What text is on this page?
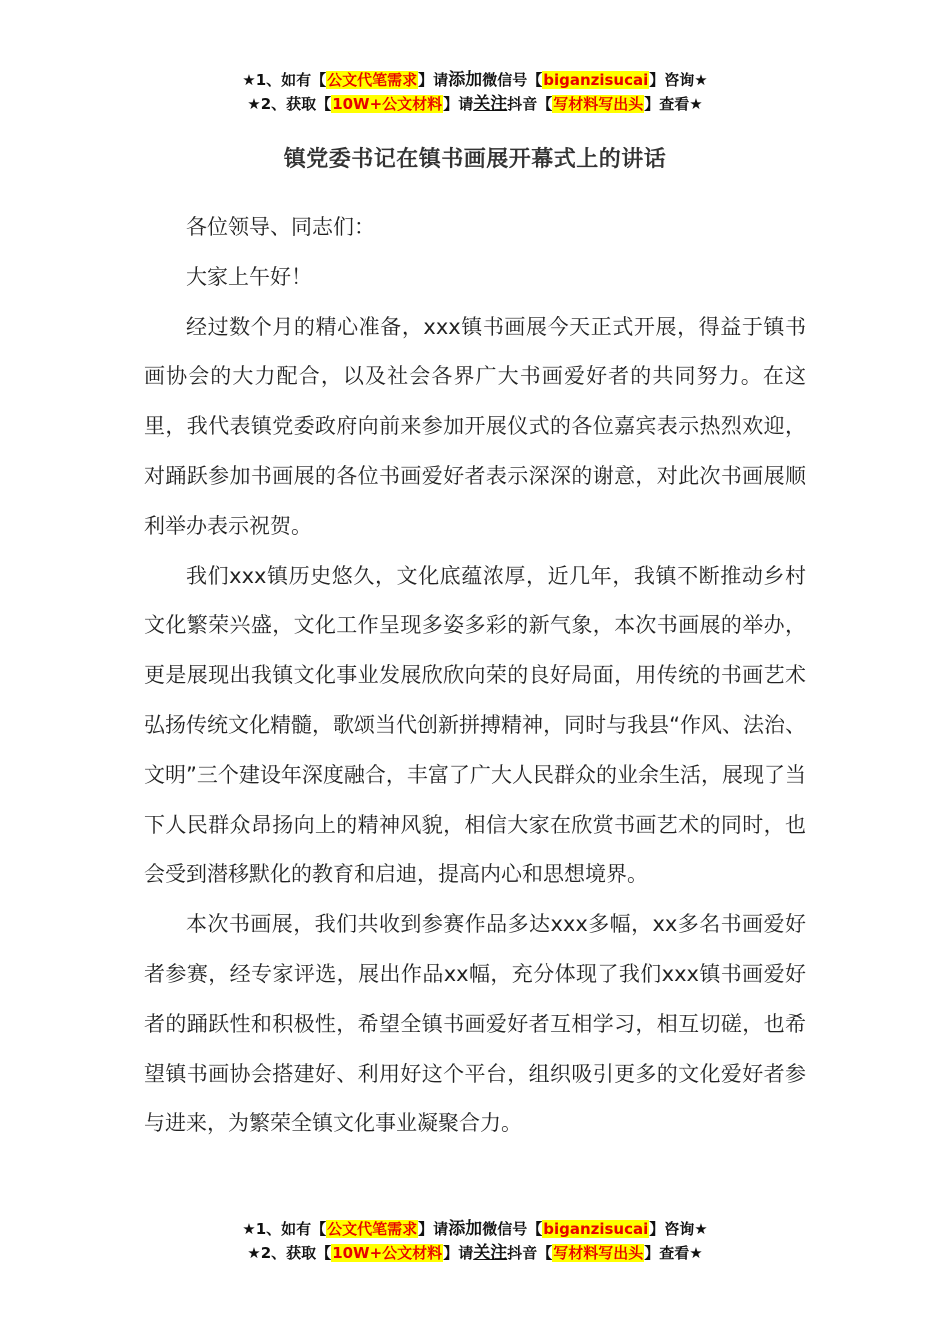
★1、如有【公文代笔需求】请添加微信号【biganzisucai】咨询★
★2、获取【10W+公文材料】请关注抖音【写材料写出头】查看★
镇党委书记在镇书画展开幕式上的讲话

各位领导、同志们：

大家上午好！

经过数个月的精心准备，xxx镇书画展今天正式开展，得益于镇书画协会的大力配合，以及社会各界广大书画爱好者的共同努力。在这里，我代表镇党委政府向前来参加开展仪式的各位嘉宾表示热烈欢迎，对踊跃参加书画展的各位书画爱好者表示深深的谢意，对此次书画展顺利举办表示祝贺。

我们xxx镇历史悠久，文化底蕴浓厚，近几年，我镇不断推动乡村文化繁荣兴盛，文化工作呈现多姿多彩的新气象，本次书画展的举办，更是展现出我镇文化事业发展欣欣向荣的良好局面，用传统的书画艺术弘扬传统文化精髓，歌颂当代创新拼搏精神，同时与我县“作风、法治、文明”三个建设年深度融合，丰富了广大人民群众的业余生活，展现了当下人民群众昂扬向上的精神风貌，相信大家在欣赏书画艺术的同时，也会受到潜移默化的教育和启迪，提高内心和思想境界。

本次书画展，我们共收到参赛作品多达xxx多幅，xx多名书画爱好者参赛，经专家评选，展出作品xx幅，充分体现了我们xxx镇书画爱好者的踊跃性和积极性，希望全镇书画爱好者互相学习，相互切磋，也希望镇书画协会搭建好、利用好这个平台，组织吸引更多的文化爱好者参与进来，为繁荣全镇文化事业凝聚合力。

★1、如有【公文代笔需求】请添加微信号【biganzisucai】咨询★
★2、获取【10W+公文材料】请关注抖音【写材料写出头】查看★
